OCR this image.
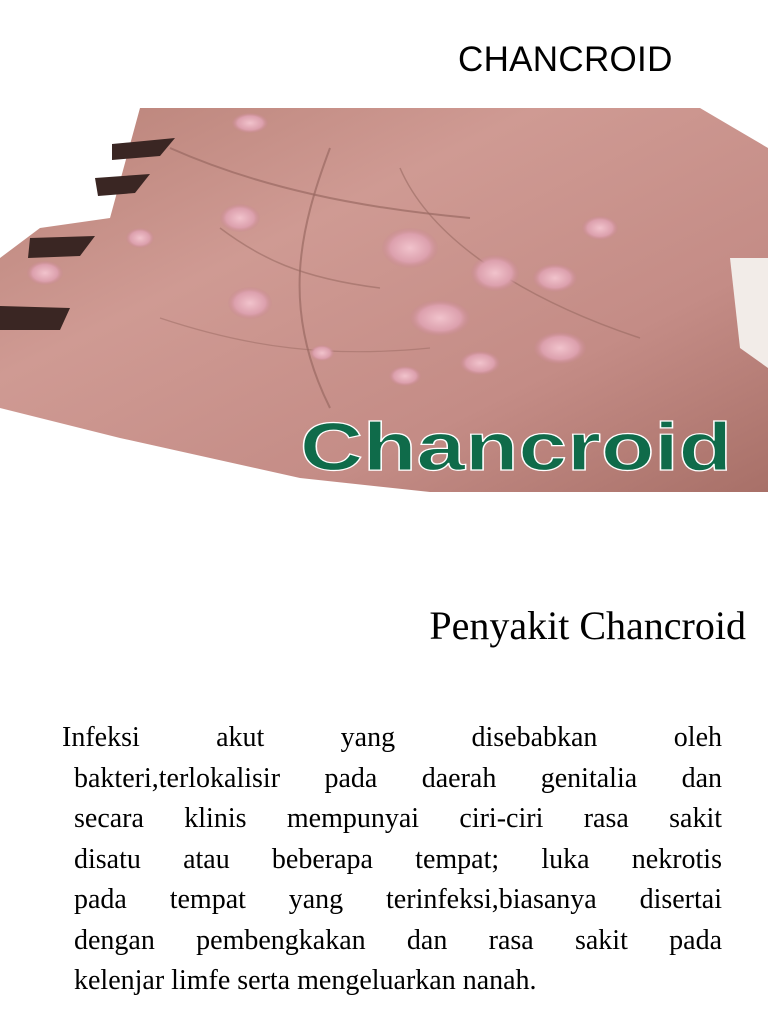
CHANCROID
Chancroid
Penyakit Chancroid
Infeksi akut yang disebabkan oleh
bakteri,terlokalisir pada daerah genitalia dan
secara klinis mempunyai ciri-ciri rasa sakit
disatu atau beberapa tempat; luka nekrotis
pada tempat yang terinfeksi,biasanya disertai
dengan pembengkakan dan rasa sakit pada
kelenjar limfe serta mengeluarkan nanah.
